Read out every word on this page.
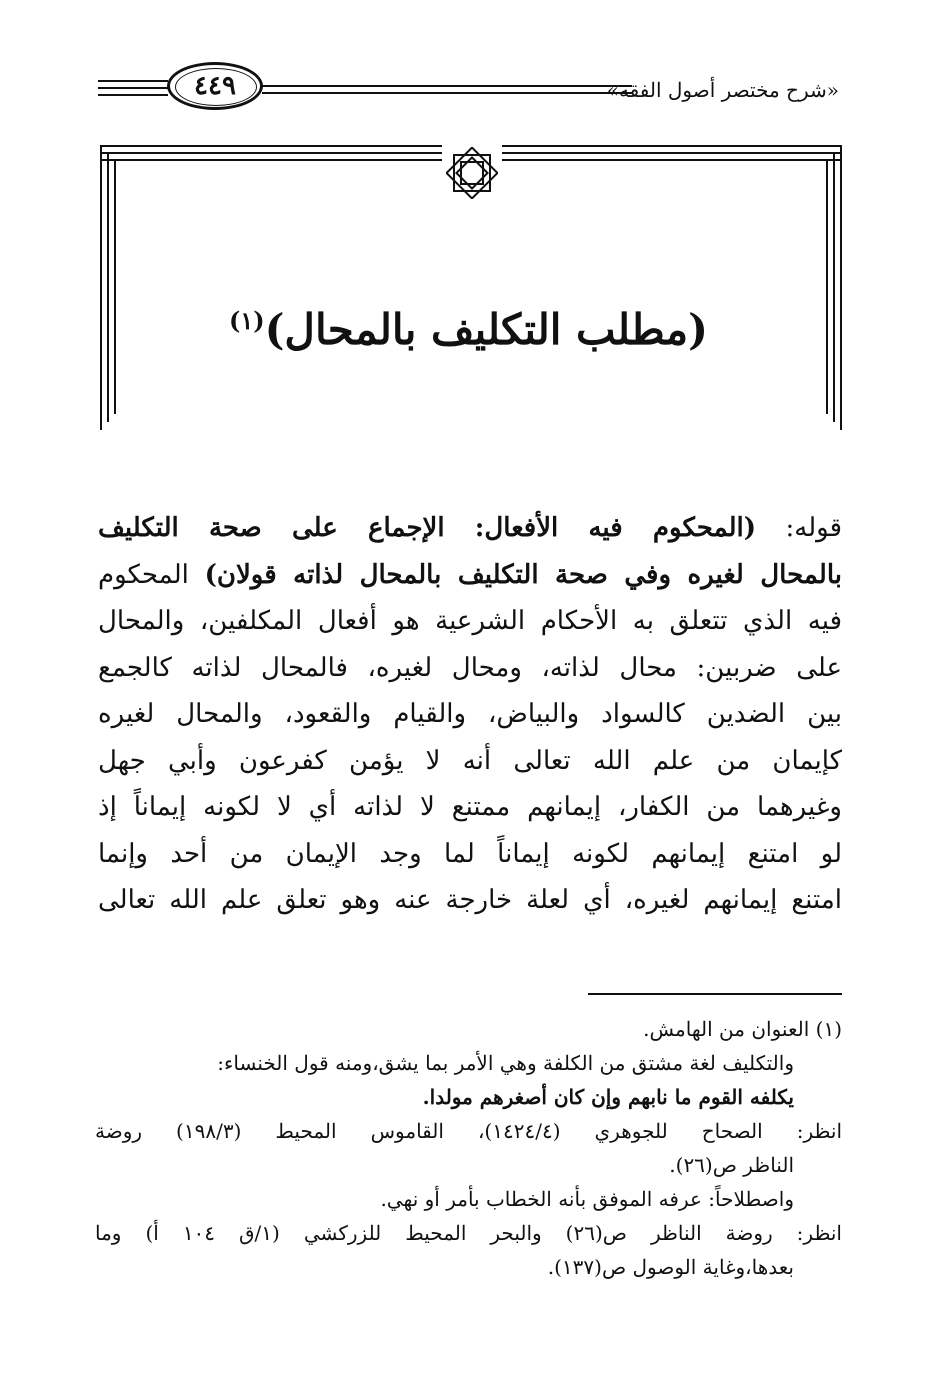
٤٤٩	«شرح مختصر أصول الفقه»
(مطلب التكليف بالمحال)$^{(١)}$
قوله: (المحكوم فيه الأفعال: الإجماع على صحة التكليف
بالمحال لغيره وفي صحة التكليف بالمحال لذاته قولان) المحكوم
فيه الذي تتعلق به الأحكام الشرعية هو أفعال المكلفين، والمحال
على ضربين: محال لذاته، ومحال لغيره، فالمحال لذاته كالجمع
بين الضدين كالسواد والبياض، والقيام والقعود، والمحال لغيره
كإيمان من علم الله تعالى أنه لا يؤمن كفرعون وأبي جهل
وغيرهما من الكفار، إيمانهم ممتنع لا لذاته أي لا لكونه إيماناً إذ
لو امتنع إيمانهم لكونه إيماناً لما وجد الإيمان من أحد وإنما
امتنع إيمانهم لغيره، أي لعلة خارجة عنه وهو تعلق علم الله تعالى
(١) العنوان من الهامش.
والتكليف لغة مشتق من الكلفة وهي الأمر بما يشق،ومنه قول الخنساء:
يكلفه القوم ما نابهم وإن كان أصغرهم مولدا.
انظر: الصحاح للجوهري (١٤٢٤/٤)، القاموس المحيط (١٩٨/٣) روضة
الناظر ص(٢٦).
واصطلاحاً: عرفه الموفق بأنه الخطاب بأمر أو نهي.
انظر: روضة الناظر ص(٢٦) والبحر المحيط للزركشي (١/ق ١٠٤ أ) وما
بعدها،وغاية الوصول ص(١٣٧).
